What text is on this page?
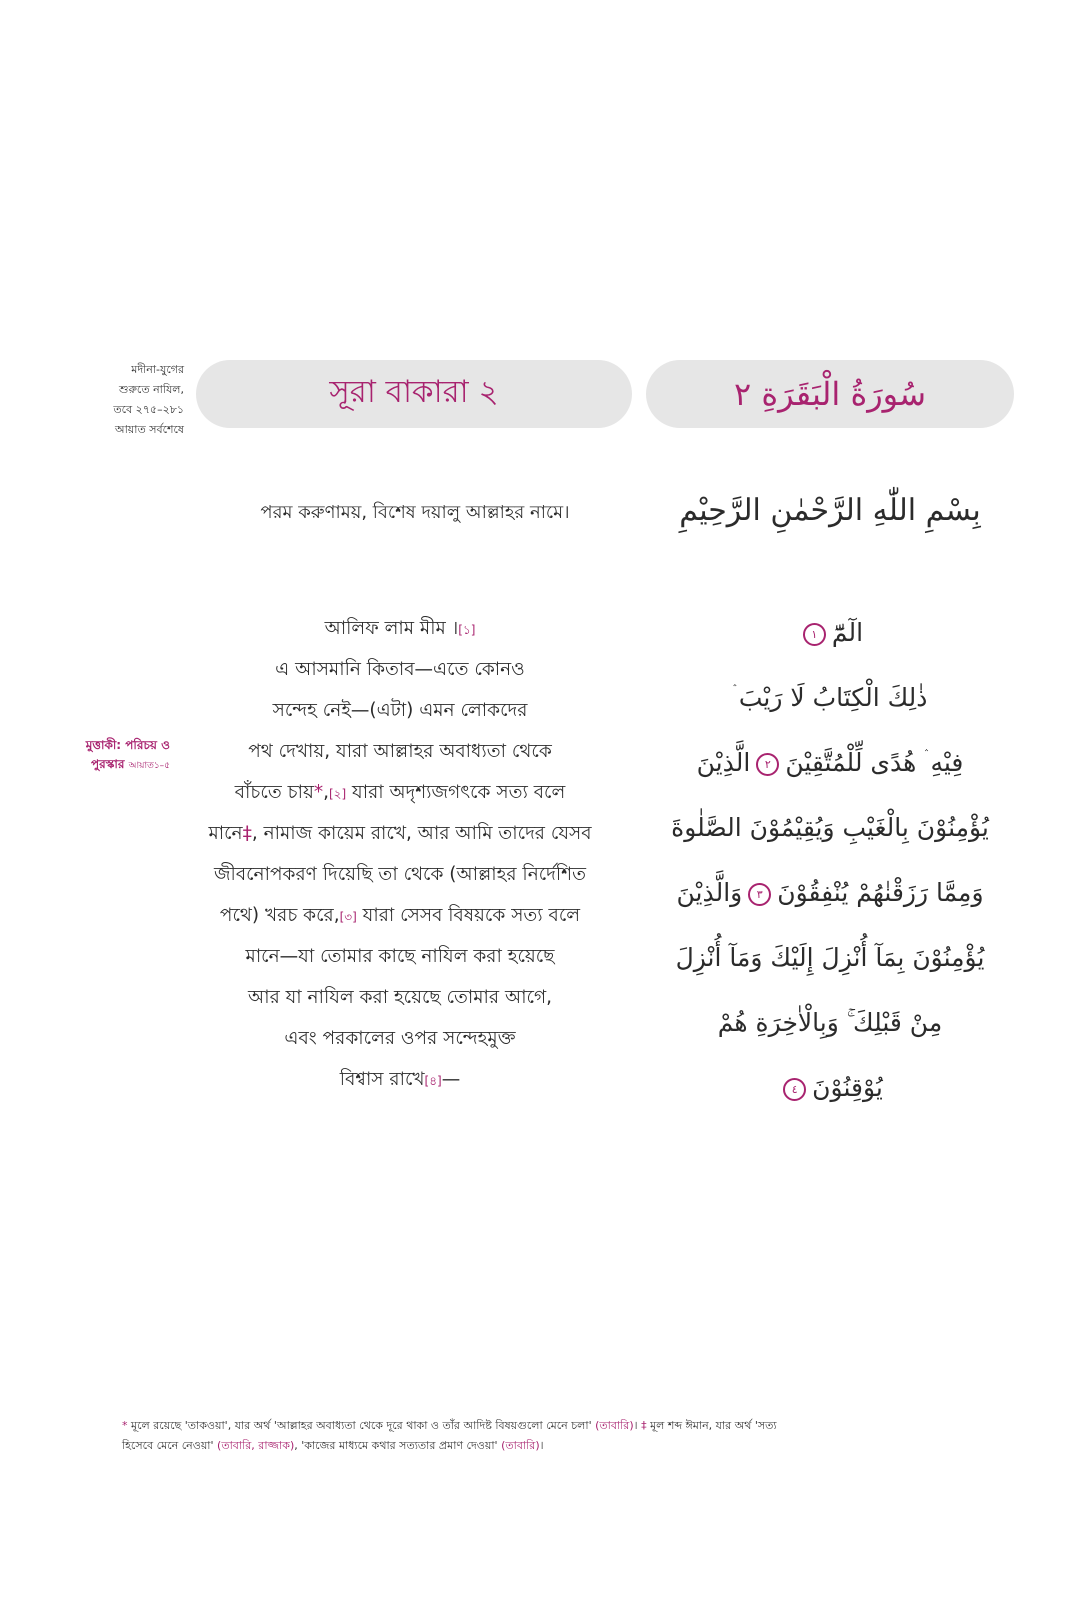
মদীনা-যুগের
শুরুতে নাযিল,
তবে ২৭৫–২৮১
আয়াত সর্বশেষে
সূরা বাকারা ২	سُورَةُ الْبَقَرَةِ ٢
পরম করুণাময়, বিশেষ দয়ালু আল্লাহর নামে।	بِسْمِ اللّٰهِ الرَّحْمٰنِ الرَّحِيْمِ
মুত্তাকী: পরিচয় ও
পুরস্কার আয়াত১–৫
আলিফ লাম মীম ।[১]
এ আসমানি কিতাব—এতে কোনও
সন্দেহ নেই—(এটা) এমন লোকদের
পথ দেখায়, যারা আল্লাহর অবাধ্যতা থেকে
বাঁচতে চায়*,[২] যারা অদৃশ্যজগৎকে সত্য বলে
মানে‡, নামাজ কায়েম রাখে, আর আমি তাদের যেসব
জীবনোপকরণ দিয়েছি তা থেকে (আল্লাহর নির্দেশিত
পথে) খরচ করে,[৩] যারা সেসব বিষয়কে সত্য বলে
মানে—যা তোমার কাছে নাযিল করা হয়েছে
আর যা নাযিল করা হয়েছে তোমার আগে,
এবং পরকালের ওপর সন্দেহমুক্ত
বিশ্বাস রাখে[৪]—
الٓمّٓ١
ذٰلِكَ الْكِتَابُ لَا رَيْبَ ۛ
فِيْهِ ۛ هُدًى لِّلْمُتَّقِيْنَ٢الَّذِيْنَ
يُؤْمِنُوْنَ بِالْغَيْبِ وَيُقِيْمُوْنَ الصَّلٰوةَ
وَمِمَّا رَزَقْنٰهُمْ يُنْفِقُوْنَ٣وَالَّذِيْنَ
يُؤْمِنُوْنَ بِمَآ أُنْزِلَ إِلَيْكَ وَمَآ أُنْزِلَ
مِنْ قَبْلِكَ ۚ وَبِالْاٰخِرَةِ هُمْ
يُوْقِنُوْنَ٤
* মূলে রয়েছে 'তাকওয়া', যার অর্থ 'আল্লাহর অবাধ্যতা থেকে দূরে থাকা ও তাঁর আদিষ্ট বিষয়গুলো মেনে চলা' (তাবারি)। ‡ মূল শব্দ ঈমান, যার অর্থ 'সত্য
হিসেবে মেনে নেওয়া' (তাবারি, রাজ্জাক), 'কাজের মাধ্যমে কথার সত্যতার প্রমাণ দেওয়া' (তাবারি)।
